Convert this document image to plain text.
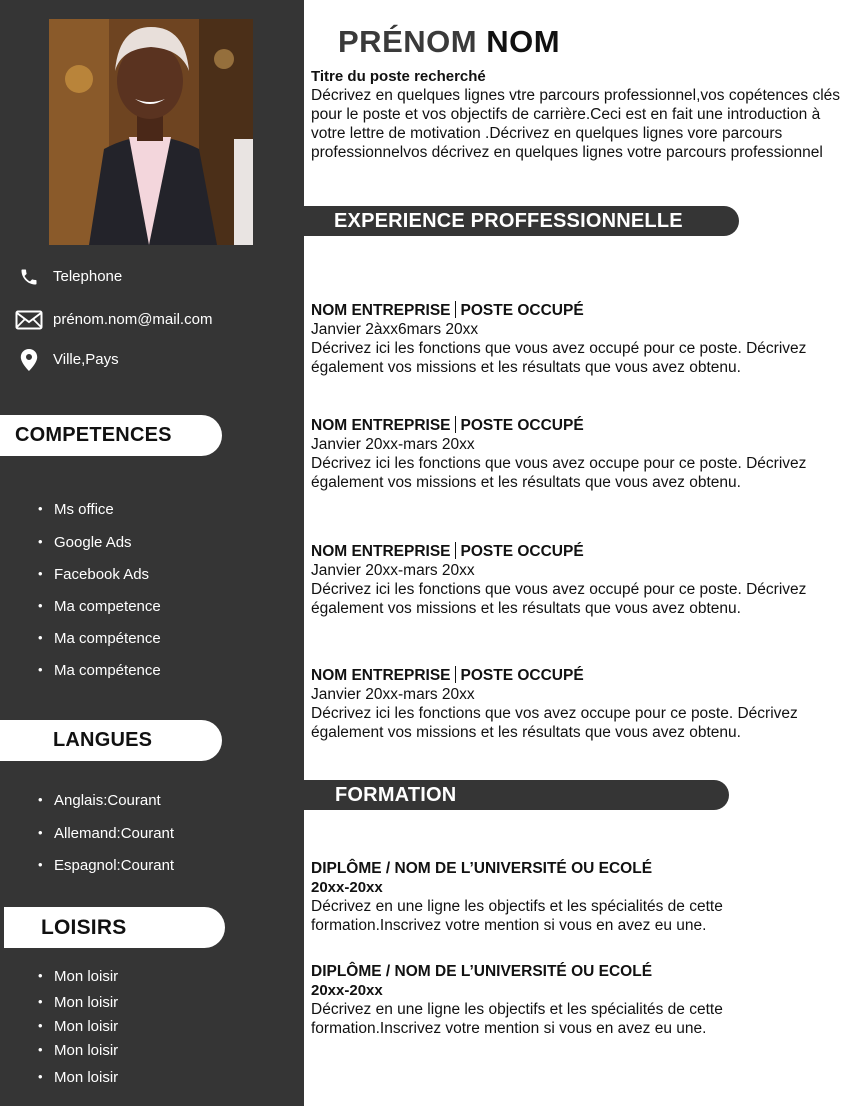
Telephone
prénom.nom@mail.com
Ville,Pays
COMPETENCES
• Ms office
• Google Ads
• Facebook Ads
• Ma competence
• Ma compétence
• Ma compétence
LANGUES
• Anglais:Courant
• Allemand:Courant
• Espagnol:Courant
LOISIRS
• Mon loisir
• Mon loisir
• Mon loisir
• Mon loisir
• Mon loisir
PRÉNOM NOM
Titre du poste recherché
Décrivez en quelques lignes vtre parcours professionnel,vos copétences clés pour le poste et vos objectifs de carrière.Ceci est en fait une introduction à votre lettre de motivation .Décrivez en quelques lignes vore parcours professionnelvos décrivez en quelques lignes votre parcours professionnel
EXPERIENCE PROFFESSIONNELLE
NOM ENTREPRISE POSTE OCCUPÉ
Janvier 2àxx6mars 20xx
Décrivez ici les fonctions que vous avez occupé pour ce poste. Décrivez également vos missions et les résultats que vous avez obtenu.
NOM ENTREPRISE POSTE OCCUPÉ
Janvier 20xx-mars 20xx
Décrivez ici les fonctions que vous avez occupe pour ce poste. Décrivez également vos missions et les résultats que vous avez obtenu.
NOM ENTREPRISE POSTE OCCUPÉ
Janvier 20xx-mars 20xx
Décrivez ici les fonctions que vous avez occupé pour ce poste. Décrivez également vos missions et les résultats que vous avez obtenu.
NOM ENTREPRISE POSTE OCCUPÉ
Janvier 20xx-mars 20xx
Décrivez ici les fonctions que vos avez occupe pour ce poste. Décrivez également vos missions et les résultats que vous avez obtenu.
FORMATION
DIPLÔME / NOM DE L’UNIVERSITÉ OU ECOLÉ
20xx-20xx
Décrivez en une ligne les objectifs et les spécialités de cette formation.Inscrivez votre mention si vous en avez eu une.
DIPLÔME / NOM DE L’UNIVERSITÉ OU ECOLÉ
20xx-20xx
Décrivez en une ligne les objectifs et les spécialités de cette formation.Inscrivez votre mention si vous en avez eu une.
